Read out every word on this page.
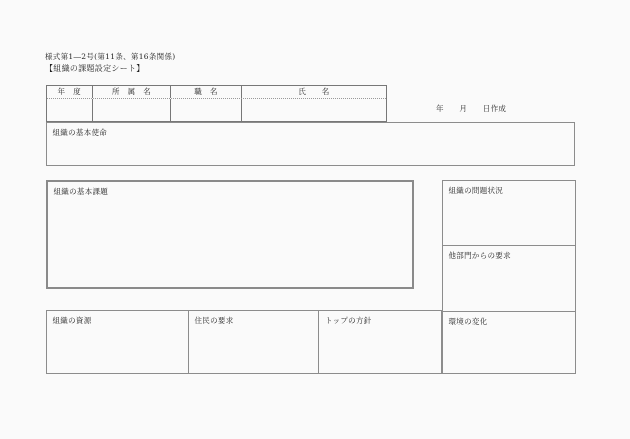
様式第1―2号(第11条、第16条関係)
【組織の課題設定シート】
年　度	所　属　名	職　名	氏　　名
年　　月　　日作成
組織の基本使命
組織の基本課題	組織の問題状況
他部門からの要求
環境の変化
組織の資源	住民の要求	トップの方針
